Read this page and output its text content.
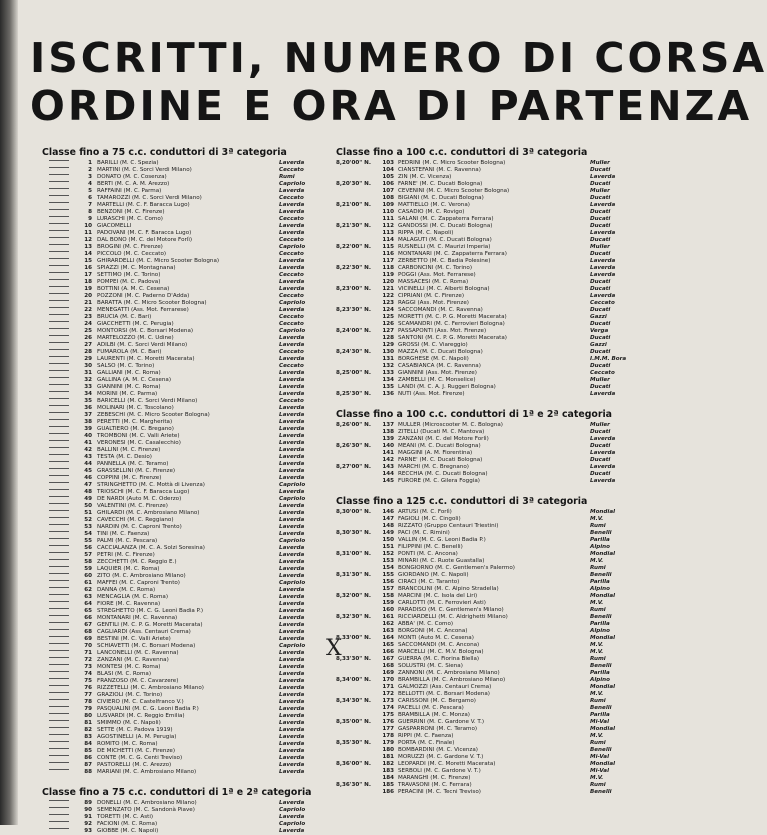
ISCRITTI, NUMERO DI CORSA
ORDINE E ORA DI PARTENZA
Classe fino a 75 c.c. conduttori di 3ª categoria
1 BARILLI (M. C. Spezia)	Laverda
2 MARTINI (M. C. Sorci Verdi Milano)	Ceccato
3 DONATO (M. C. Cosenza)	Rumi
4 BERTI (M. C. A. M. Arezzo)	Capriolo
5 RAFFAINI (M. C. Parma)	Laverda
6 TAMAROZZI (M. C. Sorci Verdi Milano)	Ceccato
7 MARTELLI (M. C. F. Baracca Lugo)	Laverda
8 BENZONI (M. C. Firenze)	Laverda
9 LURASCHI (M. C. Como)	Ceccato
10 GIACOMELLI	Laverda
11 PADOVANI (M. C. F. Baracca Lugo)	Laverda
12 DAL BONO (M. C. del Motore Forlì)	Ceccato
13 BROGINI (M. C. Firenze)	Capriolo
14 PICCOLO (M. C. Ceccato)	Ceccato
15 GHIRARDELLI (M. C. Micro Scooter Bologna)	Laverda
16 SPIAZZI (M. C. Montagnana)	Laverda
17 SETTIMO (M. C. Torino)	Ceccato
18 POMPEI (M. C. Padova)	Laverda
19 BOTTINI (A. M. C. Cesena)	Laverda
20 POZZONI (M. C. Paderno D'Adda)	Ceccato
21 BARATTA (M. C. Micro Scooter Bologna)	Capriolo
22 MENEGATTI (Ass. Mot. Ferrarese)	Laverda
23 BRUCIA (M. C. Bari)	Ceccato
24 GIACCHETTI (M. C. Perugia)	Ceccato
25 MONTORSI (M. C. Borsari Modena)	Capriolo
26 MARTELOZZO (M. C. Udine)	Laverda
27 ADILBI (M. C. Sorci Verdi Milano)	Laverda
28 FUMAROLA (M. C. Bari)	Ceccato
29 LAURENTI (M. C. Moretti Macerata)	Laverda
30 SALSO (M. C. Torino)	Ceccato
31 GALLIANI (M. C. Roma)	Laverda
32 GALLINA (A. M. C. Cesena)	Laverda
33 GIANNINI (M. C. Roma)	Laverda
34 MORINI (M. C. Parma)	Laverda
35 BARICELLI (M. C. Sorci Verdi Milano)	Ceccato
36 MOLINARI (M. C. Toscolano)	Laverda
37 ZEBESCHI (M. C. Micro Scooter Bologna)	Laverda
38 PERETTI (M. C. Margherita)	Laverda
39 GUALTIERO (M. C. Bregano)	Laverda
40 TROMBONI (M. C. Valli Ariete)	Laverda
41 VERONESI (M. C. Casalecchio)	Laverda
42 BALLINI (M. C. Firenze)	Laverda
43 TESTA (M. C. Desio)	Laverda
44 PANNELLA (M. C. Teramo)	Laverda
45 GRASSELLINI (M. C. Firenze)	Laverda
46 COPPINI (M. C. Firenze)	Laverda
47 STRINGHETTO (M. C. Mottà di Livenza)	Capriolo
48 TRIOSCHI (M. C. F. Baracca Lugo)	Laverda
49 DE NARDI (Auto M. C. Oderzo)	Capriolo
50 VALENTINI (M. C. Firenze)	Laverda
51 GHILARDI (M. C. Ambrosiano Milano)	Laverda
52 CAVECCHI (M. C. Reggiano)	Laverda
53 NARDIN (M. C. Caproni Trento)	Laverda
54 TINI (M. C. Faenza)	Laverda
55 PALMI (M. C. Pescara)	Capriolo
56 CACCIALANZA (M. C. A. Solzi Soresina)	Laverda
57 PETRI (M. C. Firenze)	Laverda
58 ZECCHETTI (M. C. Reggio E.)	Laverda
59 LAQUIER (M. C. Roma)	Laverda
60 ZITO (M. C. Ambrosiano Milano)	Laverda
61 MAFFEI (M. C. Caproni Trento)	Capriolo
62 DANNA (M. C. Roma)	Laverda
63 MENCAGLIA (M. C. Roma)	Laverda
64 FIORE (M. C. Ravenna)	Laverda
65 STREGHETTO (M. C. G. Leonì Badia P.)	Laverda
66 MONTANARI (M. C. Ravenna)	Laverda
67 GENTILI (M. C. P. G. Moretti Macerata)	Laverda
68 CAGLIARDI (Ass. Centauri Crema)	Laverda
69 BESTINI (M. C. Valli Ariete)	Laverda
70 SCHIAVETTI (M. C. Borsari Modena)	Capriolo
71 LANCONELLI (M. C. Ravenna)	Laverda
72 ZANZANI (M. C. Ravenna)	Laverda
73 MONTESI (M. C. Roma)	Laverda
74 BLASI (M. C. Roma)	Laverda
75 FRANZOSO (M. C. Cavarzere)	Laverda
76 RIZZETELLI (M. C. Ambrosiano Milano)	Laverda
77 GRAZIOLI (M. C. Torino)	Laverda
78 CIVIERO (M. C. Castelfranco V.)	Laverda
79 PASQUALINI (M. C. G. Leoni Badia P.)	Laverda
80 LUSVARDI (M. C. Reggio Emilia)	Laverda
81 SMIMMO (M. C. Napoli)	Laverda
82 SETTE (M. C. Padova 1919)	Laverda
83 AGOSTINELLI (A. M. Perugia)	Laverda
84 ROMITO (M. C. Roma)	Laverda
85 DE MICHETTI (M. C. Firenze)	Laverda
86 CONTE (M. C. G. Centi Treviso)	Laverda
87 PASTORELLI (M. C. Arezzo)	Laverda
88 MARIANI (M. C. Ambrosiano Milano)	Laverda
Classe fino a 75 c.c. conduttori di 1ª e 2ª categoria
89 DONELLI (M. C. Ambrosiano Milano)	Laverda
90 SEMENZATO (M. C. Sandonà Piave)	Capriolo
91 TORETTI (M. C. Asti)	Laverda
92 FACIONI (M. C. Roma)	Capriolo
93 GIOBBE (M. C. Napoli)	Laverda
Classe fino a 100 c.c. conduttori di 3ª categoria
8,20'00" N.	103 PEDRINI (M. C. Micro Scooter Bologna)	Muller
104 CIANSTEFANI (M. C. Ravenna)	Ducati
105 ZIN (M. C. Vicenza)	Laverda
8,20'30" N.	106 FARNE' (M. C. Ducati Bologna)	Ducati
107 CEVENINI (M. C. Micro Scooter Bologna)	Muller
108 BIGIANI (M. C. Ducati Bologna)	Ducati
8,21'00" N.	109 MATTIELLO (M. C. Verona)	Laverda
110 CASADIO (M. C. Rovigo)	Ducati
111 SALANI (M. C. Zappaterra Ferrara)	Ducati
8,21'30" N.	112 GANDOSSI (M. C. Ducati Bologna)	Ducati
113 RIPPA (M. C. Napoli)	Laverda
114 MALAGUTI (M. C. Ducati Bologna)	Ducati
8,22'00" N.	115 RUSNELLI (M. C. Maurizi Imperia)	Muller
116 MONTANARI (M. C. Zappaterra Ferrara)	Ducati
117 ZERBETTO (M. C. Badia Polesine)	Laverda
8,22'30" N.	118 CARBONCINI (M. C. Torino)	Laverda
119 POGGI (Ass. Mot. Ferrarese)	Laverda
120 MASSACESI (M. C. Roma)	Ducati
8,23'00" N.	121 VICINELLI (M. C. Alberti Bologna)	Ducati
122 CIPRIANI (M. C. Firenze)	Laverda
123 RAGGI (Ass. Mot. Firenze)	Ceccato
8,23'30" N.	124 SACCOMANDI (M. C. Ravenna)	Ducati
125 MORETTI (M. C. P. G. Moretti Macerata)	Gazzi
126 SCAMANDRI (M. C. Ferrovieri Bologna)	Ducati
8,24'00" N.	127 PASSAPONTI (Ass. Mot. Firenze)	Verga
128 SANTONI (M. C. P. G. Moretti Macerata)	Ducati
129 GROSSI (M. C. Viareggio)	Gazzi
8,24'30" N.	130 MAZZA (M. C. Ducati Bologna)	Ducati
131 BORGHESE (M. C. Napoli)	I.M.M. Bora
132 CASABIANCA (M. C. Ravenna)	Ducati
8,25'00" N.	133 GIANNINI (Ass. Mot. Firenze)	Ceccato
134 ZAMBELLI (M. C. Monselice)	Muller
135 LANDI (M. C. A. J. Ruggeri Bologna)	Ducati
8,25'30" N.	136 NUTI (Ass. Mot. Firenze)	Laverda
Classe fino a 100 c.c. conduttori di 1ª e 2ª categoria
8,26'00" N.	137 MULLER (Microscooter M. C. Bologna)	Muller
138 ZITELLI (Ducati M. C. Mantova)	Ducati
139 ZANZANI (M. C. del Motore Forlì)	Laverda
8,26'30" N.	140 MEANI (M. C. Ducati Bologna)	Ducati
141 MAGGINI (A. M. Fiorentina)	Laverda
142 FARNE' (M. C. Ducati Bologna)	Ducati
8,27'00" N.	143 MARCHI (M. C. Bregnano)	Laverda
144 RECCHIA (M. C. Ducati Bologna)	Ducati
145 FURORE (M. C. Gilera Foggia)	Laverda
Classe fino a 125 c.c. conduttori di 3ª categoria
8,30'00" N.	146 ARTUSI (M. C. Forlì)	Mondial
147 FAGIOLI (M. C. Cingoli)	M.V.
148 RIZZATO (Gruppo Centauri Triestini)	Rumi
8,30'30" N.	149 PACI (M. C. Rimini)	Benelli
150 VALLIN (M. C. G. Leoni Badia P.)	Parilla
151 FILIPPINI (M. C. Benelli)	Alpino
8,31'00" N.	152 PONTI (M. C. Ancona)	Mondial
153 MINARI (M. C. Ruote Guastalla)	M.V.
154 BONGIORNO (M. C. Gentlemen's Palermo)	Rumi
8,31'30" N.	155 GIORDANO (M. C. Napoli)	Benelli
156 CIRACI (M. C. Taranto)	Parilla
157 BRANCOLINI (M. C. Alpino Stradella)	Alpino
8,32'00" N.	158 MARCINI (M. C. Isola del Liri)	Mondial
159 CARLOTTI (M. C. Ferrovieri Asti)	M.V.
160 PARADISO (M. C. Gentlemen's Milano)	Rumi
8,32'30" N.	161 RICCIARDELLI (M. C. Aldrighetti Milano)	Benelli
162 ABBA' (M. C. Como)	Parilla
163 BORGONI (M. C. Ancona)	Alpino
8,33'00" N.	164 MONTI (Auto M. C. Cesena)	Mondial
165 SACCOMANDI (M. C. Ancona)	M.V.
166 MARCELLI (M. C. M.V. Bologna)	M.V.
8,33'30" N.	167 GUERRA (M. C. Fiorina Biella)	Rumi
168 SOLUSTRI (M. C. Siena)	Benelli
169 ZANNONI (M. C. Ambrosiano Milano)	Parilla
8,34'00" N.	170 BRAMBILLA (M. C. Ambrosiano Milano)	Alpino
171 GALMOZZI (Ass. Centauri Crema)	Mondial
172 BELLOTTI (M. C. Borsari Modena)	M.V.
8,34'30" N.	173 CARISSONI (M. C. Bergamo)	Rumi
174 PACELLI (M. C. Pescara)	Benelli
175 BRAMBILLA (M. C. Monza)	Parilla
8,35'00" N.	176 GUERRINI (M. C. Gardone V. T.)	Mi-Val
177 GASPARRONI (M. C. Teramo)	Mondial
178 RIPPI (M. C. Faenza)	M.V.
8,35'30" N.	179 PORTA (M. C. Finale)	Rumi
180 BOMBARDINI (M. C. Vicenza)	Benelli
181 MORUZZI (M. C. Gardone V. T.)	Mi-Val
8,36'00" N.	182 LEOPARDI (M. C. Moretti Macerata)	Mondial
183 SERBOLI (M. C. Gardone V. T.)	Mi-Val
184 MARANGHI (M. C. Firenze)	M.V.
8,36'30" N.	185 TRAVASONI (M. C. Ferrara)	Rumi
186 PERACINI (M. C. Tecni Treviso)	Benelli
X
